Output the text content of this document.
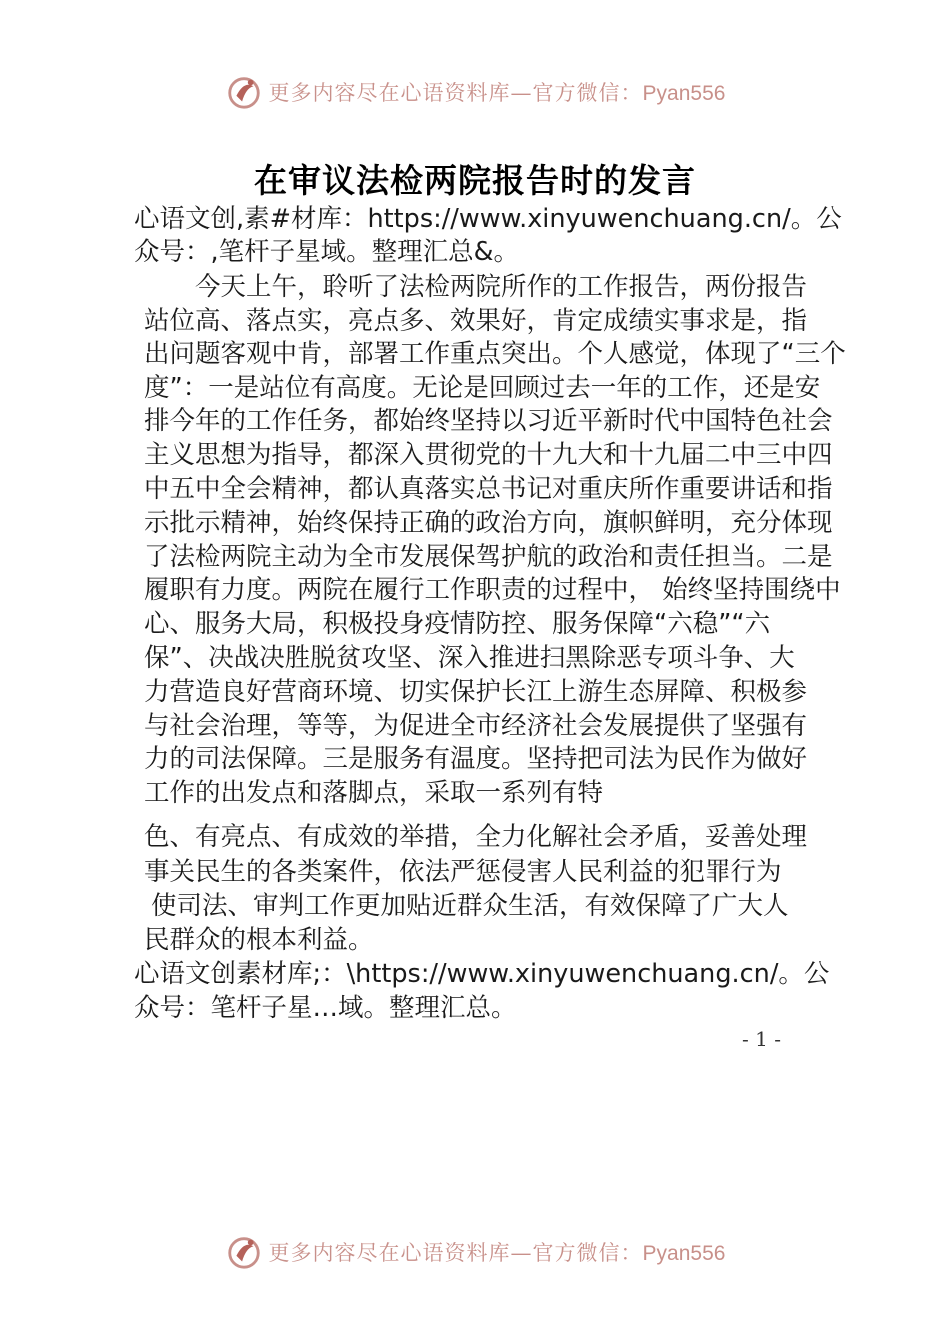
更多内容尽在心语资料库—官方微信：Pyan556
在审议法检两院报告时的发言
心语文创,素#材库：https://www.xinyuwenchuang.cn/。公
众号：,笔杆子星域。整理汇总&。
今天上午，聆听了法检两院所作的工作报告，两份报告
站位高、落点实，亮点多、效果好，肯定成绩实事求是，指
出问题客观中肯，部署工作重点突出。个人感觉，体现了“三个
度”：一是站位有高度。无论是回顾过去一年的工作，还是安
排今年的工作任务，都始终坚持以习近平新时代中国特色社会
主义思想为指导，都深入贯彻党的十九大和十九届二中三中四
中五中全会精神，都认真落实总书记对重庆所作重要讲话和指
示批示精神，始终保持正确的政治方向，旗帜鲜明，充分体现
了法检两院主动为全市发展保驾护航的政治和责任担当。二是
履职有力度。两院在履行工作职责的过程中， 始终坚持围绕中
心、服务大局，积极投身疫情防控、服务保障“六稳”“六
保”、决战决胜脱贫攻坚、深入推进扫黑除恶专项斗争、大
力营造良好营商环境、切实保护长江上游生态屏障、积极参
与社会治理，等等，为促进全市经济社会发展提供了坚强有
力的司法保障。三是服务有温度。坚持把司法为民作为做好
工作的出发点和落脚点，采取一系列有特
色、有亮点、有成效的举措，全力化解社会矛盾，妥善处理
事关民生的各类案件，依法严惩侵害人民利益的犯罪行为
使司法、审判工作更加贴近群众生活，有效保障了广大人
民群众的根本利益。
心语文创素材库;：\https://www.xinyuwenchuang.cn/。公
众号：笔杆子星…域。整理汇总。
- 1 -
更多内容尽在心语资料库—官方微信：Pyan556
